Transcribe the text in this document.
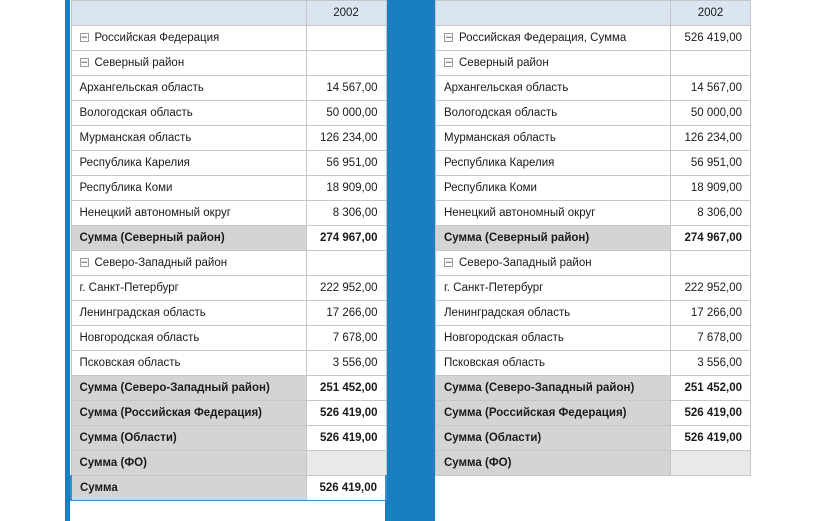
	2002
− Российская Федерация	
− Северный район	
Архангельская область	14 567,00
Вологодская область	50 000,00
Мурманская область	126 234,00
Республика Карелия	56 951,00
Республика Коми	18 909,00
Ненецкий автономный округ	8 306,00
Сумма (Северный район)	274 967,00
− Северо-Западный район	
г. Санкт-Петербург	222 952,00
Ленинградская область	17 266,00
Новгородская область	7 678,00
Псковская область	3 556,00
Сумма (Северо-Западный район)	251 452,00
Сумма (Российская Федерация)	526 419,00
Сумма (Области)	526 419,00
Сумма (ФО)	
Сумма	526 419,00
	2002
− Российская Федерация, Сумма	526 419,00
− Северный район	
Архангельская область	14 567,00
Вологодская область	50 000,00
Мурманская область	126 234,00
Республика Карелия	56 951,00
Республика Коми	18 909,00
Ненецкий автономный округ	8 306,00
Сумма (Северный район)	274 967,00
− Северо-Западный район	
г. Санкт-Петербург	222 952,00
Ленинградская область	17 266,00
Новгородская область	7 678,00
Псковская область	3 556,00
Сумма (Северо-Западный район)	251 452,00
Сумма (Российская Федерация)	526 419,00
Сумма (Области)	526 419,00
Сумма (ФО)	
